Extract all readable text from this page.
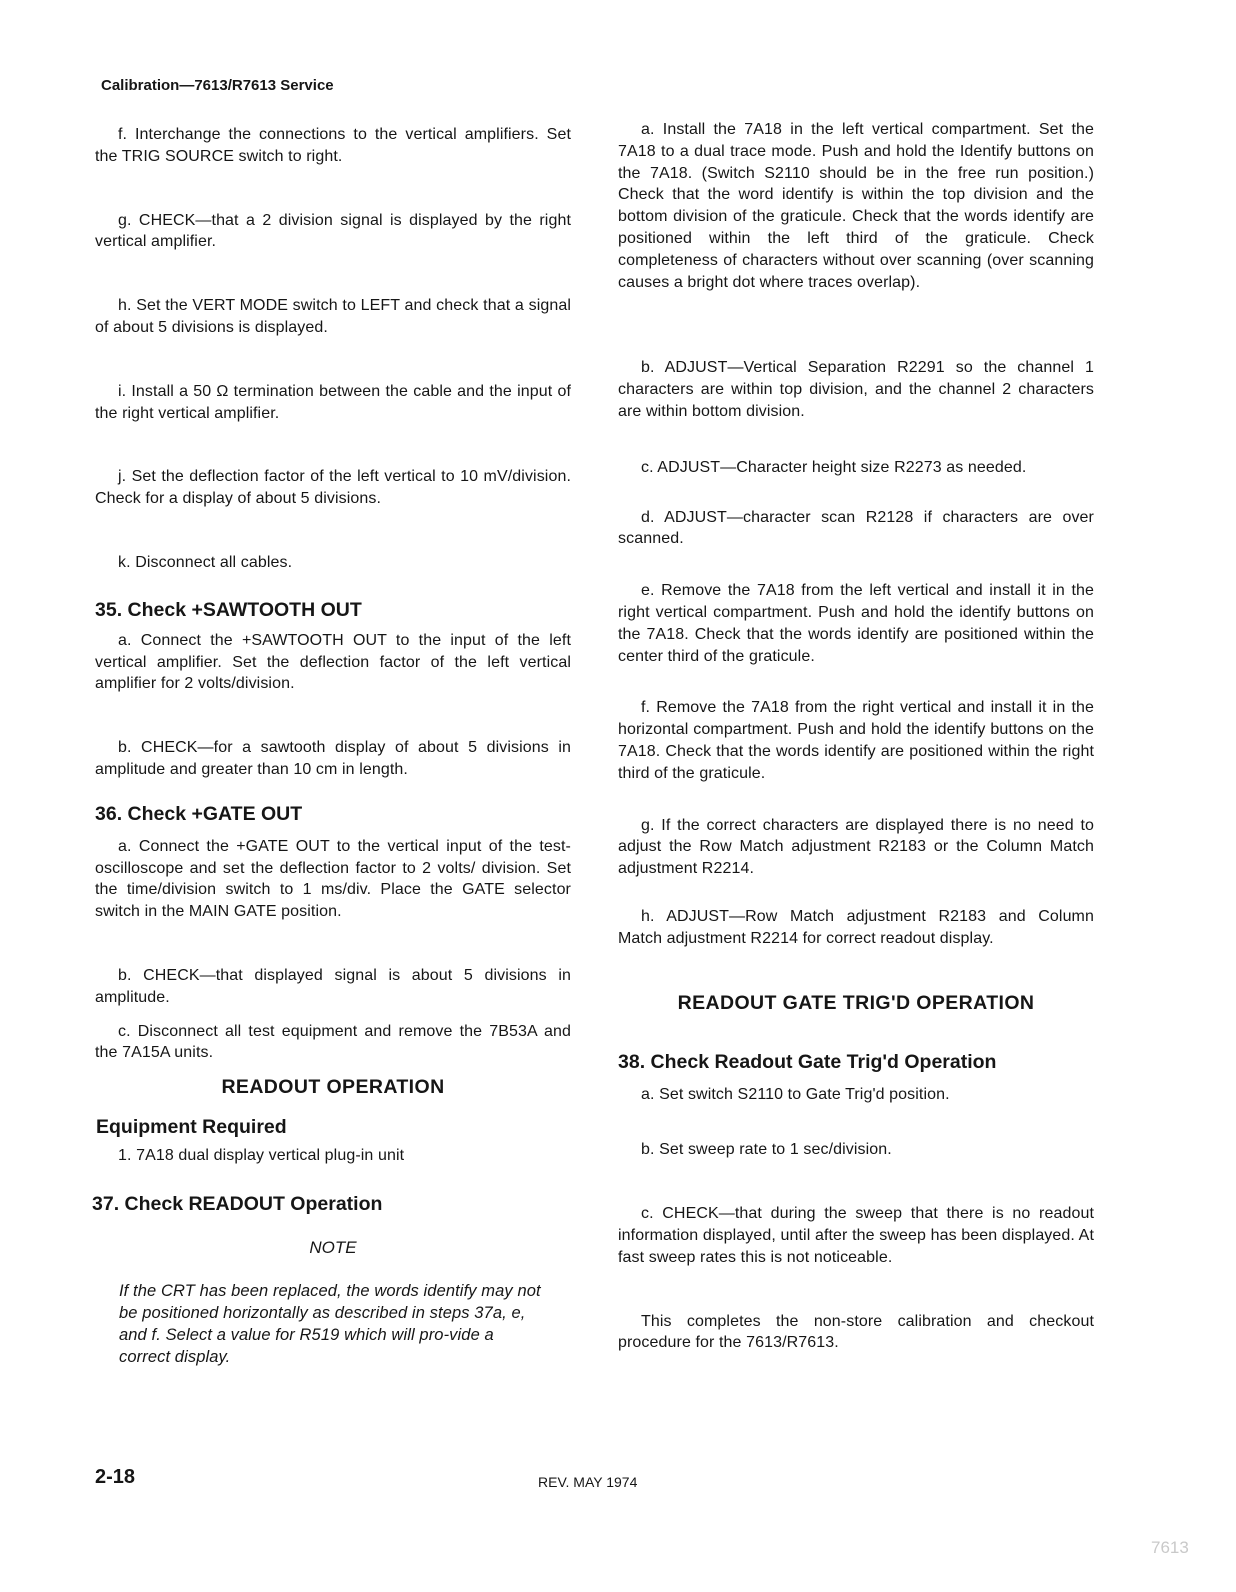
Calibration—7613/R7613 Service

f. Interchange the connections to the vertical amplifiers. Set the TRIG SOURCE switch to right.

g. CHECK—that a 2 division signal is displayed by the right vertical amplifier.

h. Set the VERT MODE switch to LEFT and check that a signal of about 5 divisions is displayed.

i. Install a 50 Ω termination between the cable and the input of the right vertical amplifier.

j. Set the deflection factor of the left vertical to 10 mV/division. Check for a display of about 5 divisions.

k. Disconnect all cables.

35. Check +SAWTOOTH OUT

a. Connect the +SAWTOOTH OUT to the input of the left vertical amplifier. Set the deflection factor of the left vertical amplifier for 2 volts/division.

b. CHECK—for a sawtooth display of about 5 divisions in amplitude and greater than 10 cm in length.

36. Check +GATE OUT

a. Connect the +GATE OUT to the vertical input of the test-oscilloscope and set the deflection factor to 2 volts/ division. Set the time/division switch to 1 ms/div. Place the GATE selector switch in the MAIN GATE position.

b. CHECK—that displayed signal is about 5 divisions in amplitude.

c. Disconnect all test equipment and remove the 7B53A and the 7A15A units.

READOUT OPERATION
Equipment Required

1. 7A18 dual display vertical plug-in unit

37. Check READOUT Operation
NOTE

If the CRT has been replaced, the words identify may not be positioned horizontally as described in steps 37a, e, and f. Select a value for R519 which will pro-vide a correct display.

a. Install the 7A18 in the left vertical compartment. Set the 7A18 to a dual trace mode. Push and hold the Identify buttons on the 7A18. (Switch S2110 should be in the free run position.) Check that the word identify is within the top division and the bottom division of the graticule. Check that the words identify are positioned within the left third of the graticule. Check completeness of characters without over scanning (over scanning causes a bright dot where traces overlap).

b. ADJUST—Vertical Separation R2291 so the channel 1 characters are within top division, and the channel 2 characters are within bottom division.

c. ADJUST—Character height size R2273 as needed.

d. ADJUST—character scan R2128 if characters are over scanned.

e. Remove the 7A18 from the left vertical and install it in the right vertical compartment. Push and hold the identify buttons on the 7A18. Check that the words identify are positioned within the center third of the graticule.

f. Remove the 7A18 from the right vertical and install it in the horizontal compartment. Push and hold the identify buttons on the 7A18. Check that the words identify are positioned within the right third of the graticule.

g. If the correct characters are displayed there is no need to adjust the Row Match adjustment R2183 or the Column Match adjustment R2214.

h. ADJUST—Row Match adjustment R2183 and Column Match adjustment R2214 for correct readout display.

READOUT GATE TRIG'D OPERATION
38. Check Readout Gate Trig'd Operation

a. Set switch S2110 to Gate Trig'd position.

b. Set sweep rate to 1 sec/division.

c. CHECK—that during the sweep that there is no readout information displayed, until after the sweep has been displayed. At fast sweep rates this is not noticeable.

This completes the non-store calibration and checkout procedure for the 7613/R7613.

2-18	REV. MAY 1974
7613
